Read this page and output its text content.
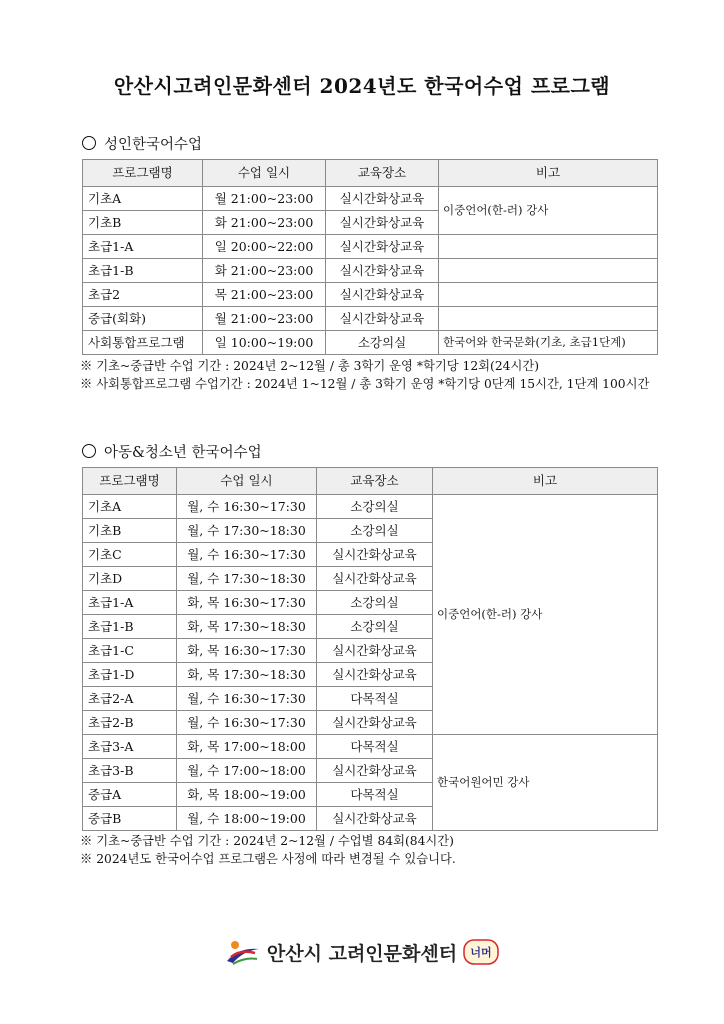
안산시고려인문화센터 2024년도 한국어수업 프로그램
성인한국어수업
프로그램명	수업 일시	교육장소	비고
기초A	월 21:00~23:00	실시간화상교육	이중언어(한-러) 강사
기초B	화 21:00~23:00	실시간화상교육	
초급1-A	일 20:00~22:00	실시간화상교육	
초급1-B	화 21:00~23:00	실시간화상교육	
초급2	목 21:00~23:00	실시간화상교육	
중급(회화)	월 21:00~23:00	실시간화상교육	
사회통합프로그램	일 10:00~19:00	소강의실	한국어와 한국문화(기초, 초급1단계)

※ 기초~중급반 수업 기간 : 2024년 2~12월 / 총 3학기 운영 *학기당 12회(24시간)

※ 사회통합프로그램 수업기간 : 2024년 1~12월 / 총 3학기 운영 *학기당 0단계 15시간, 1단계 100시간

아동&청소년 한국어수업
프로그램명	수업 일시	교육장소	비고
기초A	월, 수 16:30~17:30	소강의실	이중언어(한-러) 강사
기초B	월, 수 17:30~18:30	소강의실	
기초C	월, 수 16:30~17:30	실시간화상교육	
기초D	월, 수 17:30~18:30	실시간화상교육	
초급1-A	화, 목 16:30~17:30	소강의실	
초급1-B	화, 목 17:30~18:30	소강의실	
초급1-C	화, 목 16:30~17:30	실시간화상교육	
초급1-D	화, 목 17:30~18:30	실시간화상교육	
초급2-A	월, 수 16:30~17:30	다목적실	
초급2-B	월, 수 16:30~17:30	실시간화상교육	
초급3-A	화, 목 17:00~18:00	다목적실	한국어원어민 강사
초급3-B	월, 수 17:00~18:00	실시간화상교육	
중급A	화, 목 18:00~19:00	다목적실	
중급B	월, 수 18:00~19:00	실시간화상교육	

※ 기초~중급반 수업 기간 : 2024년 2~12월 / 수업별 84회(84시간)

※ 2024년도 한국어수업 프로그램은 사정에 따라 변경될 수 있습니다.

안산시 고려인문화센터 너머
